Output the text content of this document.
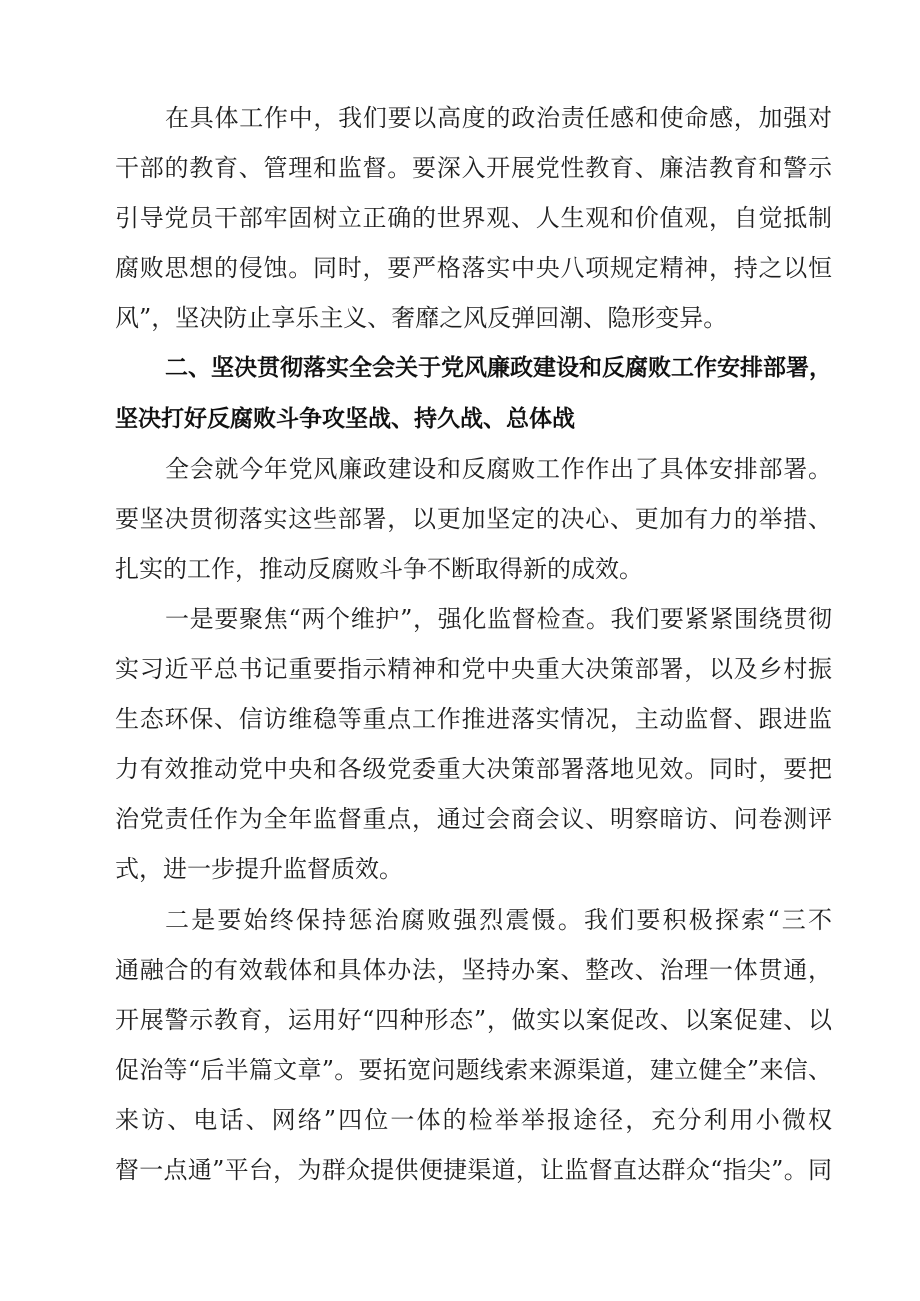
在具体工作中，我们要以高度的政治责任感和使命感，加强对
干部的教育、管理和监督。要深入开展党性教育、廉洁教育和警示
引导党员干部牢固树立正确的世界观、人生观和价值观，自觉抵制
腐败思想的侵蚀。同时，要严格落实中央八项规定精神，持之以恒
风”，坚决防止享乐主义、奢靡之风反弹回潮、隐形变异。
二、坚决贯彻落实全会关于党风廉政建设和反腐败工作安排部署，
坚决打好反腐败斗争攻坚战、持久战、总体战
全会就今年党风廉政建设和反腐败工作作出了具体安排部署。
要坚决贯彻落实这些部署，以更加坚定的决心、更加有力的举措、
扎实的工作，推动反腐败斗争不断取得新的成效。
一是要聚焦“两个维护”，强化监督检查。我们要紧紧围绕贯彻
实习近平总书记重要指示精神和党中央重大决策部署，以及乡村振
生态环保、信访维稳等重点工作推进落实情况，主动监督、跟进监
力有效推动党中央和各级党委重大决策部署落地见效。同时，要把
治党责任作为全年监督重点，通过会商会议、明察暗访、问卷测评
式，进一步提升监督质效。
二是要始终保持惩治腐败强烈震慑。我们要积极探索“三不
通融合的有效载体和具体办法，坚持办案、整改、治理一体贯通，
开展警示教育，运用好“四种形态”，做实以案促改、以案促建、以
促治等“后半篇文章”。要拓宽问题线索来源渠道，建立健全”来信、
来访、电话、网络”四位一体的检举举报途径，充分利用小微权
督一点通”平台，为群众提供便捷渠道，让监督直达群众“指尖”。同
